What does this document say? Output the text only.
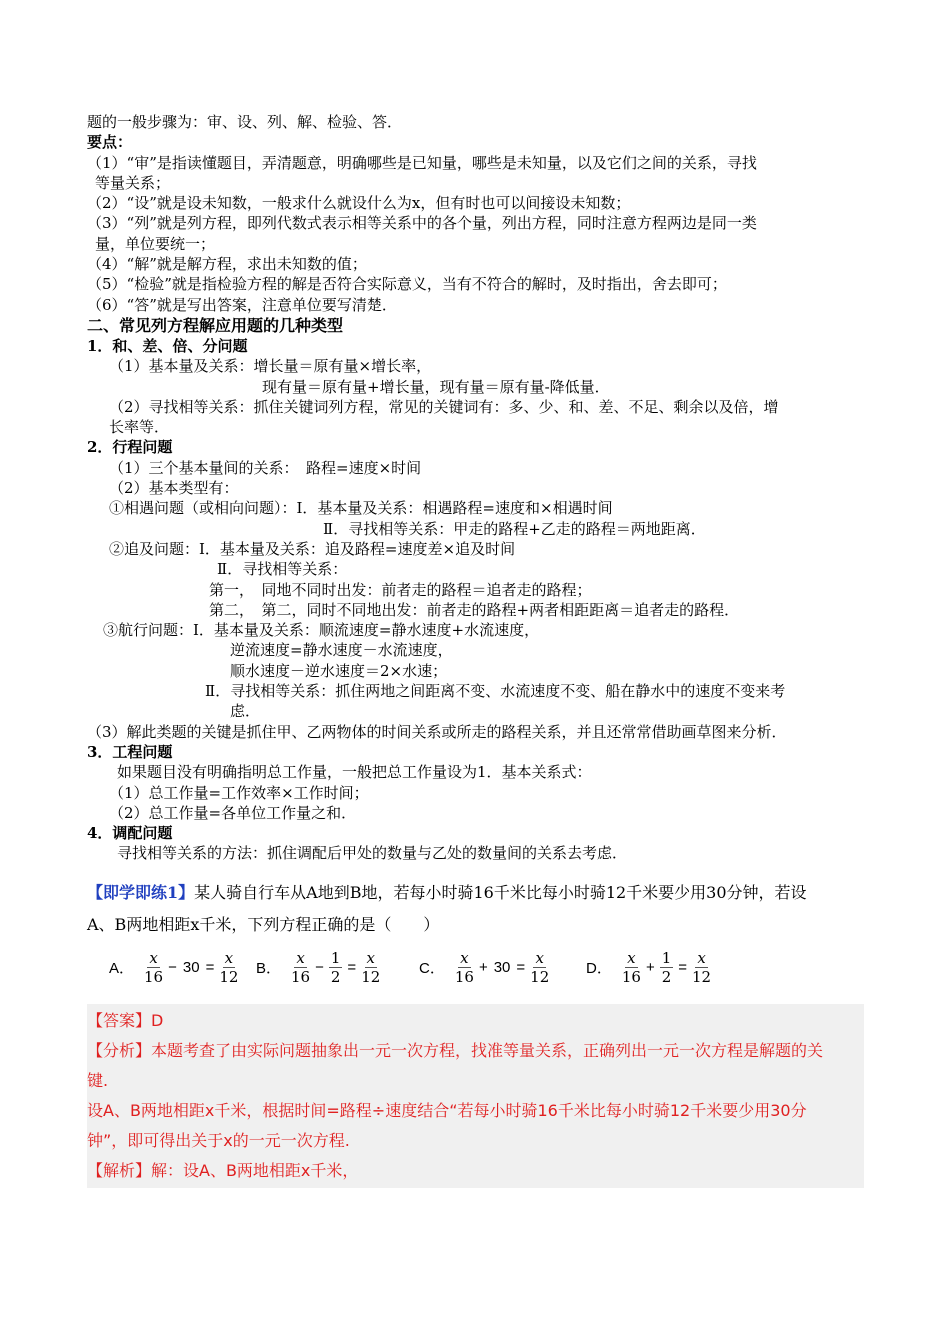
题的一般步骤为：审、设、列、解、检验、答．
要点：
（1）“审”是指读懂题目，弄清题意，明确哪些是已知量，哪些是未知量，以及它们之间的关系，寻找
等量关系；
（2）“设”就是设未知数，一般求什么就设什么为x，但有时也可以间接设未知数；
（3）“列”就是列方程，即列代数式表示相等关系中的各个量，列出方程，同时注意方程两边是同一类
量，单位要统一；
（4）“解”就是解方程，求出未知数的值；
（5）“检验”就是指检验方程的解是否符合实际意义，当有不符合的解时，及时指出，舍去即可；
（6）“答”就是写出答案，注意单位要写清楚．
二、常见列方程解应用题的几种类型
1．和、差、倍、分问题
（1）基本量及关系：增长量＝原有量×增长率，
现有量＝原有量+增长量，现有量＝原有量-降低量．
（2）寻找相等关系：抓住关键词列方程，常见的关键词有：多、少、和、差、不足、剩余以及倍，增
长率等．
2．行程问题
（1）三个基本量间的关系：　路程=速度×时间
（2）基本类型有：
①相遇问题（或相向问题）：Ⅰ．基本量及关系：相遇路程=速度和×相遇时间
Ⅱ．寻找相等关系：甲走的路程+乙走的路程＝两地距离．
②追及问题：Ⅰ．基本量及关系：追及路程=速度差×追及时间
Ⅱ．寻找相等关系：
第一，　同地不同时出发：前者走的路程＝追者走的路程；
第二，　第二，同时不同地出发：前者走的路程+两者相距距离＝追者走的路程．
③航行问题：Ⅰ．基本量及关系：顺流速度=静水速度+水流速度，
逆流速度=静水速度－水流速度，
顺水速度－逆水速度＝2×水速；
Ⅱ．寻找相等关系：抓住两地之间距离不变、水流速度不变、船在静水中的速度不变来考
虑．
（3）解此类题的关键是抓住甲、乙两物体的时间关系或所走的路程关系，并且还常常借助画草图来分析．
3．工程问题
如果题目没有明确指明总工作量，一般把总工作量设为1．基本关系式：
（1）总工作量=工作效率×工作时间；
（2）总工作量=各单位工作量之和．
4．调配问题
寻找相等关系的方法：抓住调配后甲处的数量与乙处的数量间的关系去考虑．
【即学即练1】某人骑自行车从A地到B地，若每小时骑16千米比每小时骑12千米要少用30分钟，若设
A、B两地相距x千米，下列方程正确的是（　　）
A． $\frac{x}{16} - 30 = \frac{x}{12}$ B． $\frac{x}{16} - \frac{1}{2} = \frac{x}{12}$	C． $\frac{x}{16} + 30 = \frac{x}{12}$ D． $\frac{x}{16} + \frac{1}{2} = \frac{x}{12}$
【答案】D
【分析】本题考查了由实际问题抽象出一元一次方程，找准等量关系，正确列出一元一次方程是解题的关
键.
设A、B两地相距x千米，根据时间=路程÷速度结合“若每小时骑16千米比每小时骑12千米要少用30分
钟”，即可得出关于x的一元一次方程.
【解析】解：设A、B两地相距x千米，
